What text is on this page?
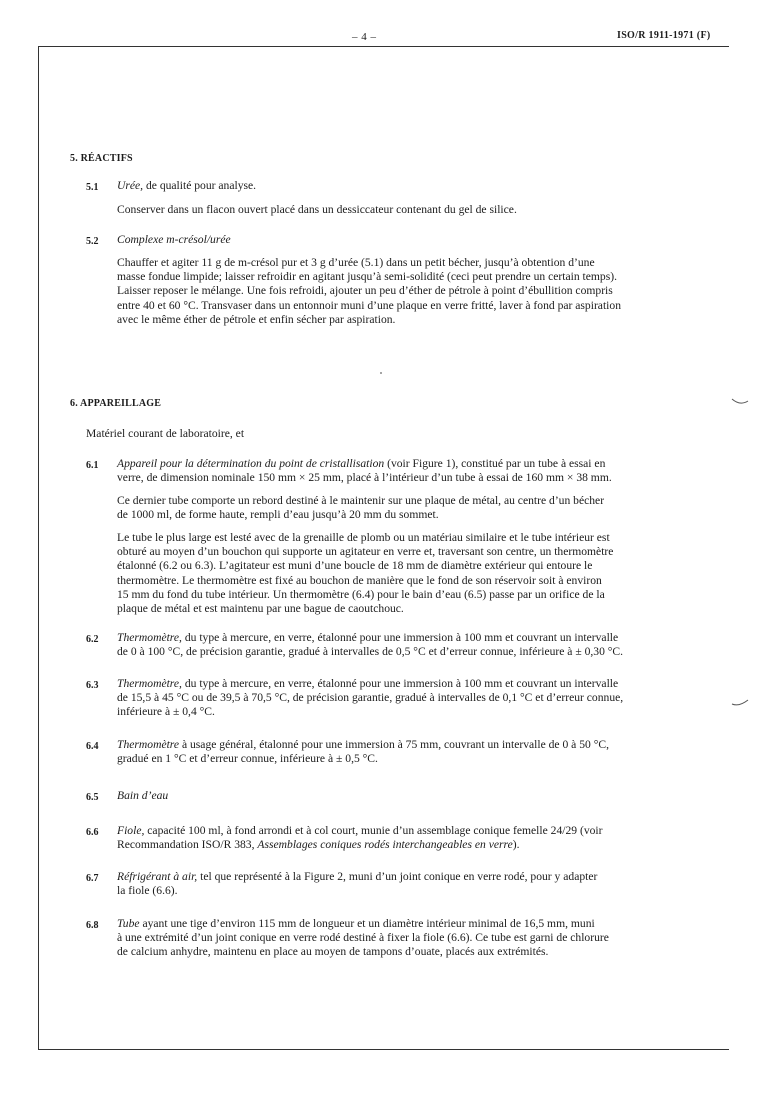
– 4 –	ISO/R 1911-1971 (F)
5. RÉACTIFS
5.1 Urée, de qualité pour analyse.

Conserver dans un flacon ouvert placé dans un dessiccateur contenant du gel de silice.

5.2 Complexe m-crésol/urée

Chauffer et agiter 11 g de m-crésol pur et 3 g d’urée (5.1) dans un petit bécher, jusqu’à obtention d’une
masse fondue limpide; laisser refroidir en agitant jusqu’à semi-solidité (ceci peut prendre un certain temps).
Laisser reposer le mélange. Une fois refroidi, ajouter un peu d’éther de pétrole à point d’ébullition compris
entre 40 et 60 °C. Transvaser dans un entonnoir muni d’une plaque en verre fritté, laver à fond par aspiration
avec le même éther de pétrole et enfin sécher par aspiration.

6. APPAREILLAGE

Matériel courant de laboratoire, et

6.1 Appareil pour la détermination du point de cristallisation (voir Figure 1), constitué par un tube à essai en
verre, de dimension nominale 150 mm × 25 mm, placé à l’intérieur d’un tube à essai de 160 mm × 38 mm.

Ce dernier tube comporte un rebord destiné à le maintenir sur une plaque de métal, au centre d’un bécher
de 1000 ml, de forme haute, rempli d’eau jusqu’à 20 mm du sommet.

Le tube le plus large est lesté avec de la grenaille de plomb ou un matériau similaire et le tube intérieur est
obturé au moyen d’un bouchon qui supporte un agitateur en verre et, traversant son centre, un thermomètre
étalonné (6.2 ou 6.3). L’agitateur est muni d’une boucle de 18 mm de diamètre extérieur qui entoure le
thermomètre. Le thermomètre est fixé au bouchon de manière que le fond de son réservoir soit à environ
15 mm du fond du tube intérieur. Un thermomètre (6.4) pour le bain d’eau (6.5) passe par un orifice de la
plaque de métal et est maintenu par une bague de caoutchouc.

6.2 Thermomètre, du type à mercure, en verre, étalonné pour une immersion à 100 mm et couvrant un intervalle
de 0 à 100 °C, de précision garantie, gradué à intervalles de 0,5 °C et d’erreur connue, inférieure à ± 0,30 °C.

6.3 Thermomètre, du type à mercure, en verre, étalonné pour une immersion à 100 mm et couvrant un intervalle
de 15,5 à 45 °C ou de 39,5 à 70,5 °C, de précision garantie, gradué à intervalles de 0,1 °C et d’erreur connue,
inférieure à ± 0,4 °C.

6.4 Thermomètre à usage général, étalonné pour une immersion à 75 mm, couvrant un intervalle de 0 à 50 °C,
gradué en 1 °C et d’erreur connue, inférieure à ± 0,5 °C.

6.5 Bain d’eau

6.6 Fiole, capacité 100 ml, à fond arrondi et à col court, munie d’un assemblage conique femelle 24/29 (voir
Recommandation ISO/R 383, Assemblages coniques rodés interchangeables en verre).

6.7 Réfrigérant à air, tel que représenté à la Figure 2, muni d’un joint conique en verre rodé, pour y adapter
la fiole (6.6).

6.8 Tube ayant une tige d’environ 115 mm de longueur et un diamètre intérieur minimal de 16,5 mm, muni
à une extrémité d’un joint conique en verre rodé destiné à fixer la fiole (6.6). Ce tube est garni de chlorure
de calcium anhydre, maintenu en place au moyen de tampons d’ouate, placés aux extrémités.
